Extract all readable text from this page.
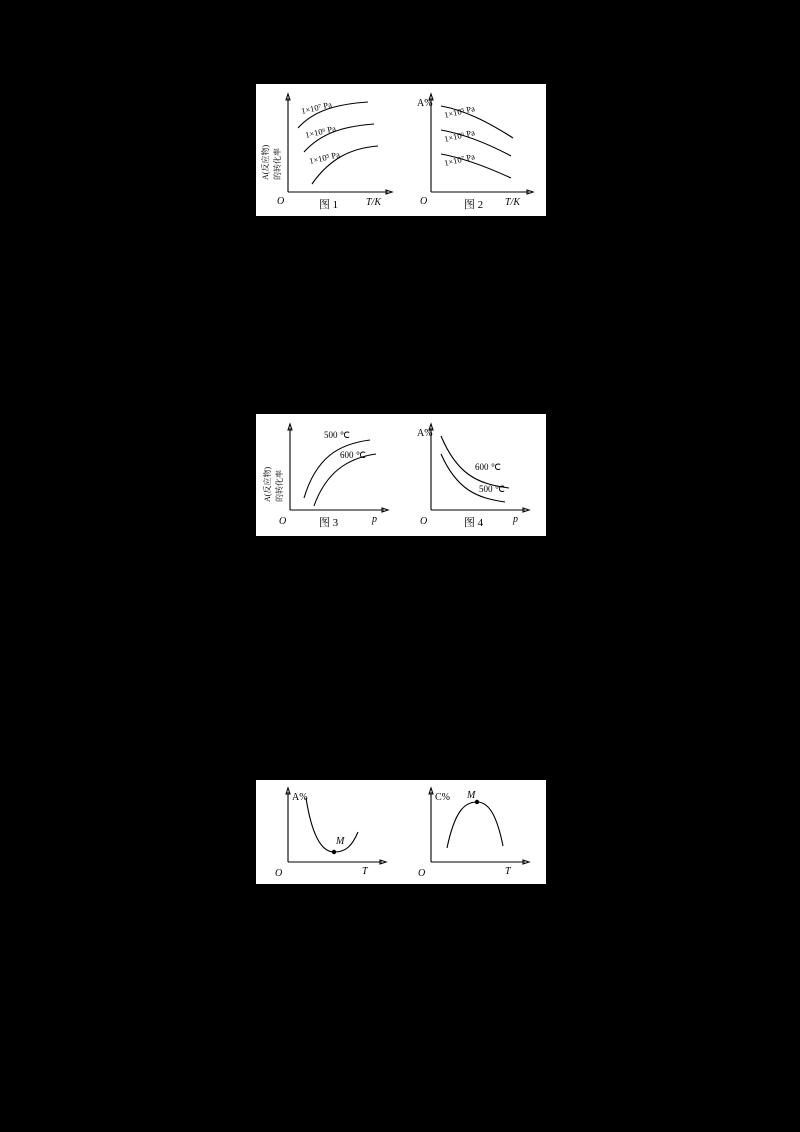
A(反应物) 的转化率
O	T/K
1×10⁷ Pa
1×10⁶ Pa
1×10⁵ Pa
图 1
A%
O	T/K
1×10⁵ Pa
1×10⁶ Pa
1×10⁷ Pa
图 2
A(反应物) 的转化率
O	p
500 ℃
600 ℃
图 3
A%
O	p
600 ℃
500 ℃
图 4
A%
O	T
M
C%
O	T
M
